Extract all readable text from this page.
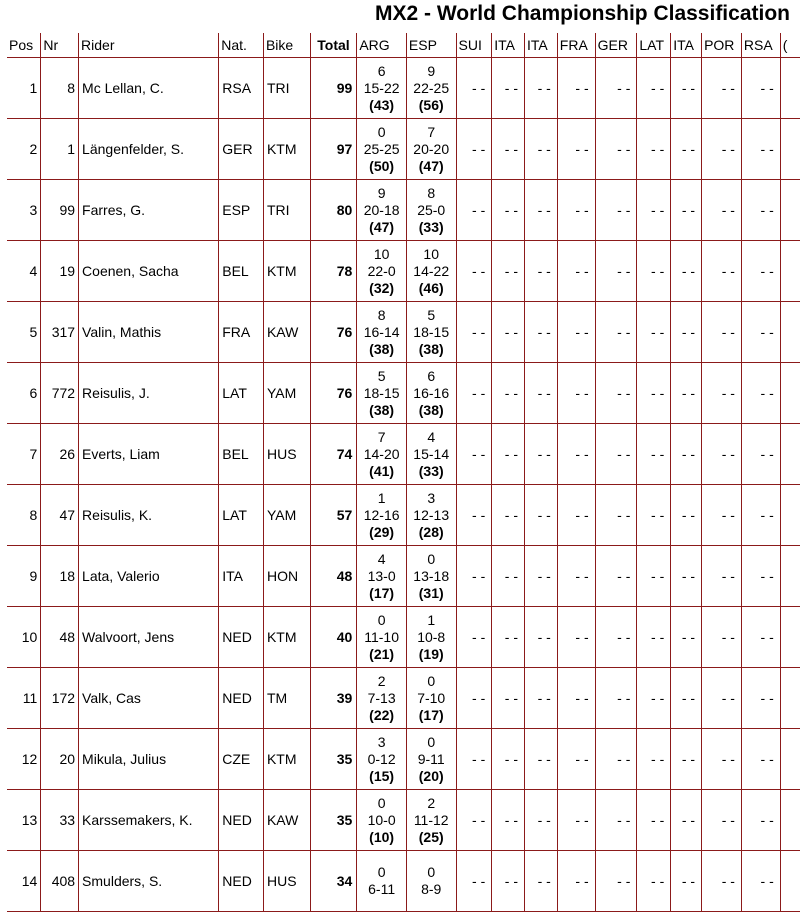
MX2 - World Championship Classification
Pos	Nr	Rider	Nat.	Bike	Total	ARG	ESP	SUI	ITA	ITA	FRA	GER	LAT	ITA	POR	RSA	(
1	8	Mc Lellan, C.	RSA	TRI	99	6
15-22
(43)	9
22-25
(56)	- -	- -	- -	- -	- -	- -	- -	- -	- -	
2	1	Längenfelder, S.	GER	KTM	97	0
25-25
(50)	7
20-20
(47)	- -	- -	- -	- -	- -	- -	- -	- -	- -	
3	99	Farres, G.	ESP	TRI	80	9
20-18
(47)	8
25-0
(33)	- -	- -	- -	- -	- -	- -	- -	- -	- -	
4	19	Coenen, Sacha	BEL	KTM	78	10
22-0
(32)	10
14-22
(46)	- -	- -	- -	- -	- -	- -	- -	- -	- -	
5	317	Valin, Mathis	FRA	KAW	76	8
16-14
(38)	5
18-15
(38)	- -	- -	- -	- -	- -	- -	- -	- -	- -	
6	772	Reisulis, J.	LAT	YAM	76	5
18-15
(38)	6
16-16
(38)	- -	- -	- -	- -	- -	- -	- -	- -	- -	
7	26	Everts, Liam	BEL	HUS	74	7
14-20
(41)	4
15-14
(33)	- -	- -	- -	- -	- -	- -	- -	- -	- -	
8	47	Reisulis, K.	LAT	YAM	57	1
12-16
(29)	3
12-13
(28)	- -	- -	- -	- -	- -	- -	- -	- -	- -	
9	18	Lata, Valerio	ITA	HON	48	4
13-0
(17)	0
13-18
(31)	- -	- -	- -	- -	- -	- -	- -	- -	- -	
10	48	Walvoort, Jens	NED	KTM	40	0
11-10
(21)	1
10-8
(19)	- -	- -	- -	- -	- -	- -	- -	- -	- -	
11	172	Valk, Cas	NED	TM	39	2
7-13
(22)	0
7-10
(17)	- -	- -	- -	- -	- -	- -	- -	- -	- -	
12	20	Mikula, Julius	CZE	KTM	35	3
0-12
(15)	0
9-11
(20)	- -	- -	- -	- -	- -	- -	- -	- -	- -	
13	33	Karssemakers, K.	NED	KAW	35	0
10-0
(10)	2
11-12
(25)	- -	- -	- -	- -	- -	- -	- -	- -	- -	
14	408	Smulders, S.	NED	HUS	34	0
6-11	0
8-9	- -	- -	- -	- -	- -	- -	- -	- -	- -	
